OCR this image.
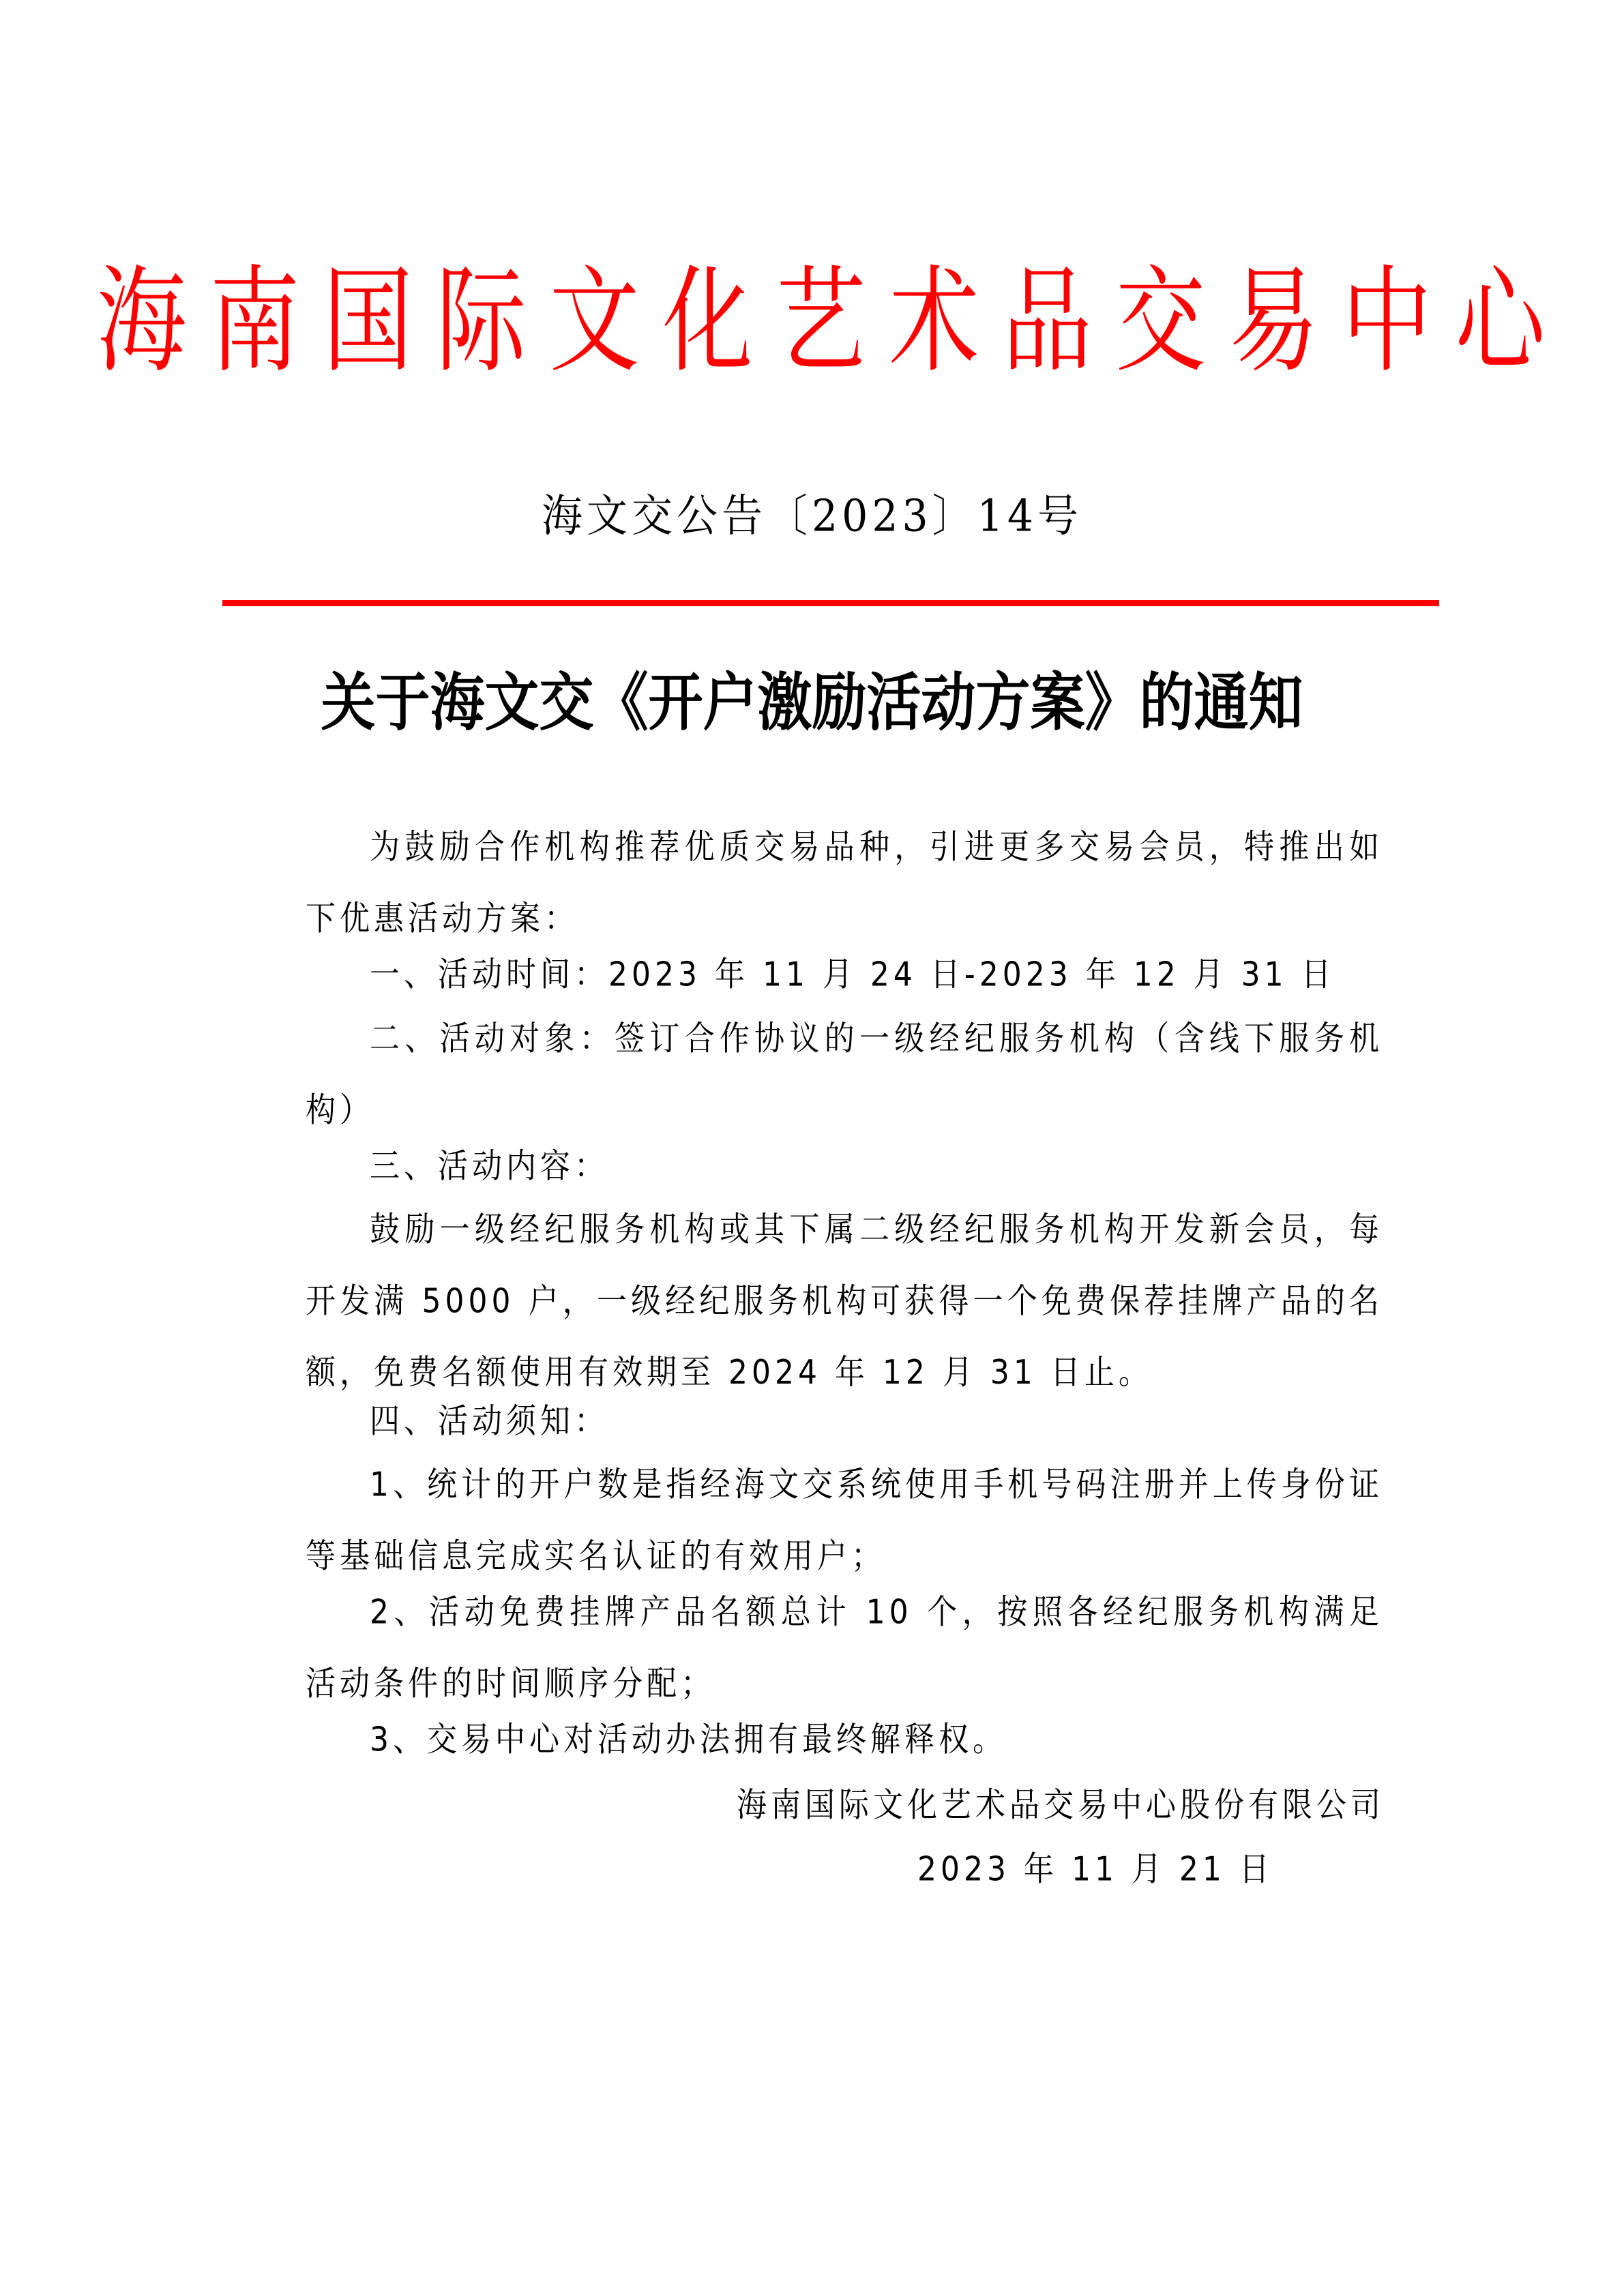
海南国际文化艺术品交易中心
海文交公告〔2023〕14号
关于海文交《开户激励活动方案》的通知

为鼓励合作机构推荐优质交易品种，引进更多交易会员，特推出如下优惠活动方案：

一、活动时间：2023 年 11 月 24 日-2023 年 12 月 31 日

二、活动对象：签订合作协议的一级经纪服务机构（含线下服务机构）

三、活动内容：

鼓励一级经纪服务机构或其下属二级经纪服务机构开发新会员，每开发满 5000 户，一级经纪服务机构可获得一个免费保荐挂牌产品的名额，免费名额使用有效期至 2024 年 12 月 31 日止。

四、活动须知：

1、统计的开户数是指经海文交系统使用手机号码注册并上传身份证等基础信息完成实名认证的有效用户；

2、活动免费挂牌产品名额总计 10 个，按照各经纪服务机构满足活动条件的时间顺序分配；

3、交易中心对活动办法拥有最终解释权。

海南国际文化艺术品交易中心股份有限公司
2023 年 11 月 21 日
